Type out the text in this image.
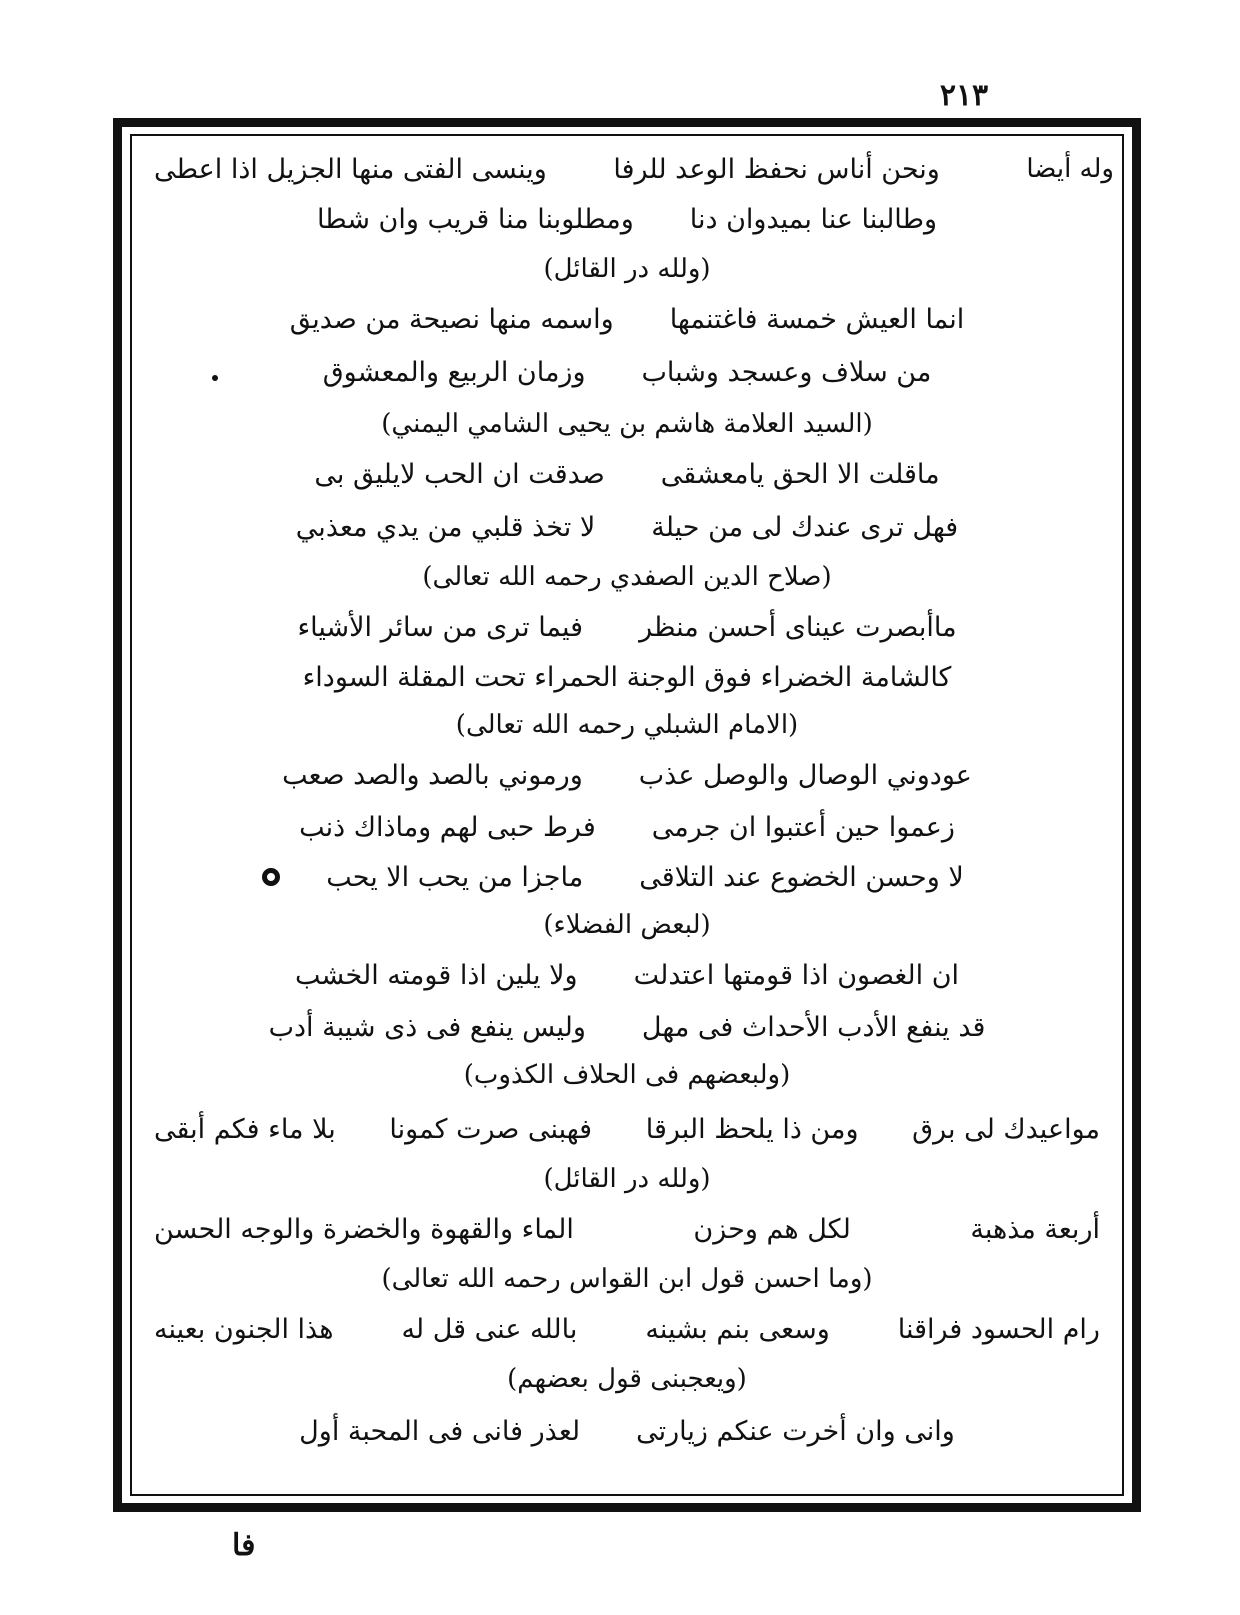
٢١٣
وله أيضا
ونحن أناس نحفظ الوعد للرفا
وينسى الفتى منها الجزيل اذا اعطى
وطالبنا عنا بميدوان دنا
ومطلوبنا منا قريب وان شطا
(ولله در القائل)
انما العيش خمسة فاغتنمها
واسمه منها نصيحة من صديق
من سلاف وعسجد وشباب
وزمان الربيع والمعشوق
(السيد العلامة هاشم بن يحيى الشامي اليمني)
ماقلت الا الحق يامعشقى
صدقت ان الحب لايليق بى
فهل ترى عندك لى من حيلة
لا تخذ قلبي من يدي معذبي
(صلاح الدين الصفدي رحمه الله تعالى)
ماأبصرت عيناى أحسن منظر
فيما ترى من سائر الأشياء
كالشامة الخضراء فوق الوجنة الحمراء تحت المقلة السوداء
(الامام الشبلي رحمه الله تعالى)
عودوني الوصال والوصل عذب
ورموني بالصد والصد صعب
زعموا حين أعتبوا ان جرمى
فرط حبى لهم وماذاك ذنب
لا وحسن الخضوع عند التلاقى
ماجزا من يحب الا يحب
(لبعض الفضلاء)
ان الغصون اذا قومتها اعتدلت
ولا يلين اذا قومته الخشب
قد ينفع الأدب الأحداث فى مهل
وليس ينفع فى ذى شيبة أدب
(ولبعضهم فى الحلاف الكذوب)
مواعيدك لى برق
ومن ذا يلحظ البرقا
فهبنى صرت كمونا
بلا ماء فكم أبقى
(ولله در القائل)
أربعة مذهبة
لكل هم وحزن
الماء والقهوة والخضرة والوجه الحسن
(وما احسن قول ابن القواس رحمه الله تعالى)
رام الحسود فراقنا
وسعى بنم بشينه
بالله عنى قل له
هذا الجنون بعينه
(ويعجبنى قول بعضهم)
وانى وان أخرت عنكم زيارتى
لعذر فانى فى المحبة أول
فا
